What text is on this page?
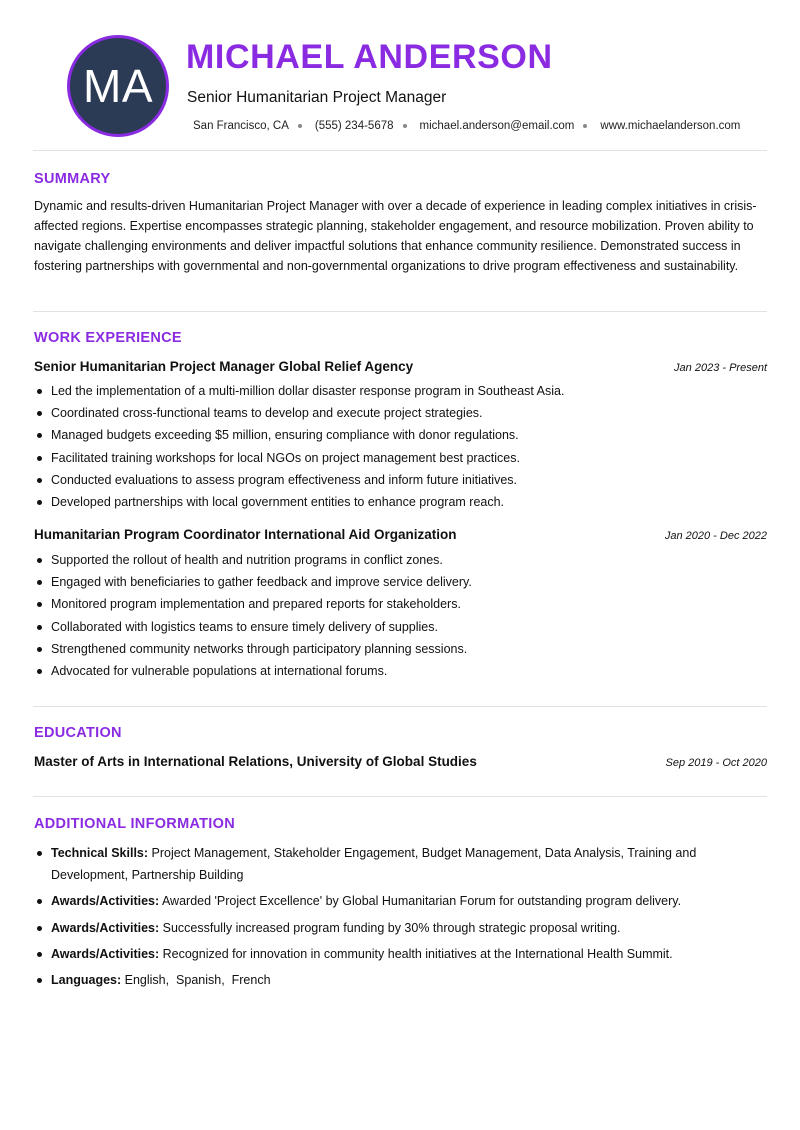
MA
MICHAEL ANDERSON
Senior Humanitarian Project Manager
San Francisco, CA (555) 234-5678 michael.anderson@email.com www.michaelanderson.com
SUMMARY

Dynamic and results-driven Humanitarian Project Manager with over a decade of experience in leading complex initiatives in crisis-affected regions. Expertise encompasses strategic planning, stakeholder engagement, and resource mobilization. Proven ability to navigate challenging environments and deliver impactful solutions that enhance community resilience. Demonstrated success in fostering partnerships with governmental and non-governmental organizations to drive program effectiveness and sustainability.

WORK EXPERIENCE
Senior Humanitarian Project Manager Global Relief Agency	Jan 2023 - Present
Led the implementation of a multi-million dollar disaster response program in Southeast Asia.
Coordinated cross-functional teams to develop and execute project strategies.
Managed budgets exceeding $5 million, ensuring compliance with donor regulations.
Facilitated training workshops for local NGOs on project management best practices.
Conducted evaluations to assess program effectiveness and inform future initiatives.
Developed partnerships with local government entities to enhance program reach.
Humanitarian Program Coordinator International Aid Organization	Jan 2020 - Dec 2022
Supported the rollout of health and nutrition programs in conflict zones.
Engaged with beneficiaries to gather feedback and improve service delivery.
Monitored program implementation and prepared reports for stakeholders.
Collaborated with logistics teams to ensure timely delivery of supplies.
Strengthened community networks through participatory planning sessions.
Advocated for vulnerable populations at international forums.
EDUCATION
Master of Arts in International Relations, University of Global Studies	Sep 2019 - Oct 2020
ADDITIONAL INFORMATION
Technical Skills: Project Management, Stakeholder Engagement, Budget Management, Data Analysis, Training and Development, Partnership Building
Awards/Activities: Awarded 'Project Excellence' by Global Humanitarian Forum for outstanding program delivery.
Awards/Activities: Successfully increased program funding by 30% through strategic proposal writing.
Awards/Activities: Recognized for innovation in community health initiatives at the International Health Summit.
Languages: English,  Spanish,  French
